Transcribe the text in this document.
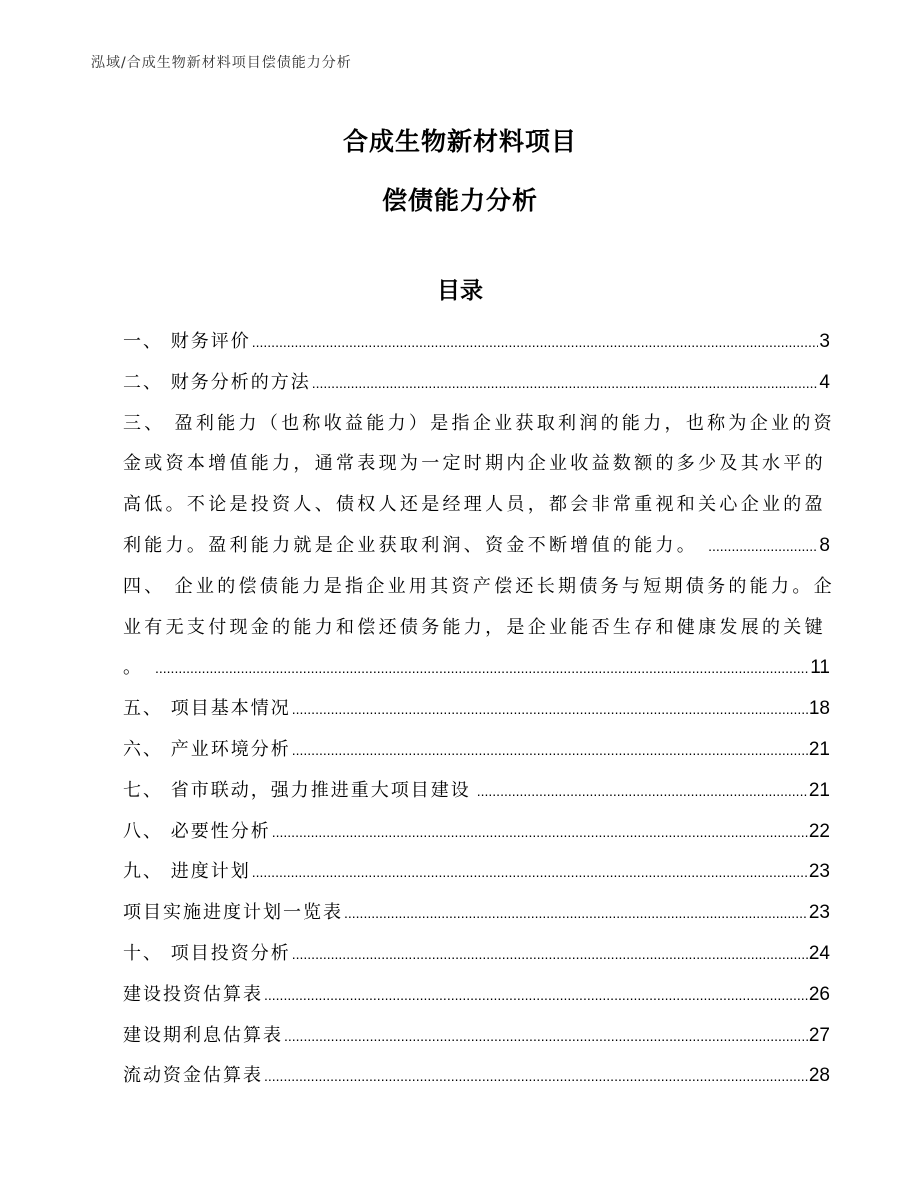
泓域/合成生物新材料项目偿债能力分析
合成生物新材料项目
偿债能力分析
目录
一、 财务评价 .....	3
二、 财务分析的方法 .....	4
三、 盈利能力（也称收益能力）是指企业获取利润的能力，也称为企业的资
金或资本增值能力，通常表现为一定时期内企业收益数额的多少及其水平的
高低。不论是投资人、债权人还是经理人员，都会非常重视和关心企业的盈
利能力。盈利能力就是企业获取利润、资金不断增值的能力。 .....	8
四、 企业的偿债能力是指企业用其资产偿还长期债务与短期债务的能力。企
业有无支付现金的能力和偿还债务能力，是企业能否生存和健康发展的关键
。 .....	11
五、 项目基本情况 .....	18
六、 产业环境分析 .....	21
七、 省市联动，强力推进重大项目建设 .....	21
八、 必要性分析 .....	22
九、 进度计划 .....	23
项目实施进度计划一览表 .....	23
十、 项目投资分析 .....	24
建设投资估算表 .....	26
建设期利息估算表 .....	27
流动资金估算表 .....	28
